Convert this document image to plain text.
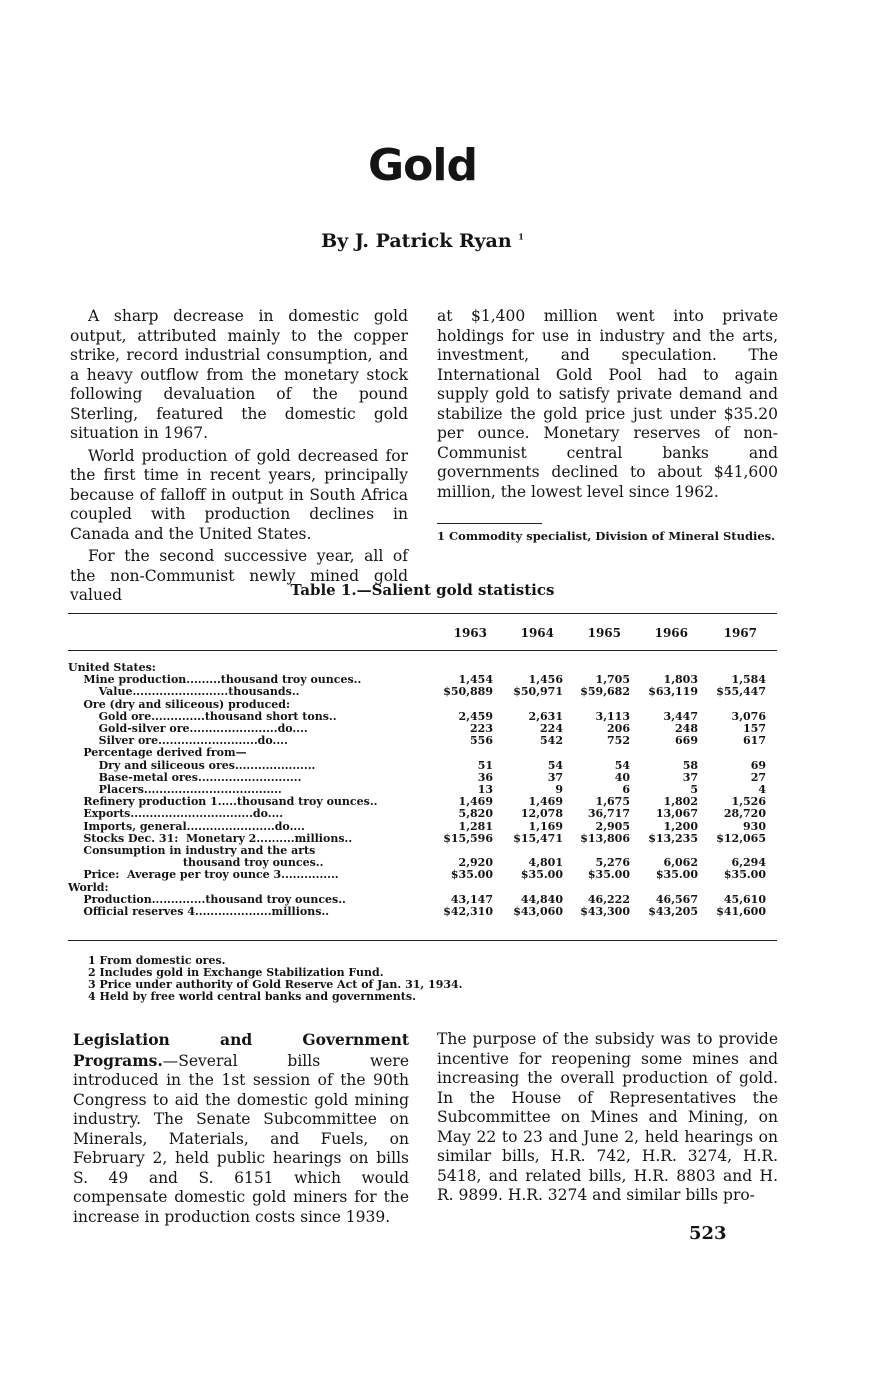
Gold
By J. Patrick Ryan $^1$

A sharp decrease in domestic gold output, attributed mainly to the copper strike, record industrial consumption, and a heavy outflow from the monetary stock following devaluation of the pound Sterling, featured the domestic gold situation in 1967.

World production of gold decreased for the first time in recent years, principally because of falloff in output in South Africa coupled with production declines in Canada and the United States.

For the second successive year, all of the non-Communist newly mined gold valued

at $1,400 million went into private holdings for use in industry and the arts, investment, and speculation. The International Gold Pool had to again supply gold to satisfy private demand and stabilize the gold price just under $35.20 per ounce. Monetary reserves of non-Communist central banks and governments declined to about $41,600 million, the lowest level since 1962.

1 Commodity specialist, Division of Mineral Studies.
Table 1.—Salient gold statistics
1963	1964	1965	1966	1967
United States:
Mine production.........thousand troy ounces..	1,454	1,456	1,705	1,803	1,584
Value.........................thousands..	$50,889	$50,971	$59,682	$63,119	$55,447
Ore (dry and siliceous) produced:
Gold ore..............thousand short tons..	2,459	2,631	3,113	3,447	3,076
Gold-silver ore.......................do....	223	224	206	248	157
Silver ore..........................do....	556	542	752	669	617
Percentage derived from—
Dry and siliceous ores.....................	51	54	54	58	69
Base-metal ores...........................	36	37	40	37	27
Placers....................................	13	9	6	5	4
Refinery production 1.....thousand troy ounces..	1,469	1,469	1,675	1,802	1,526
Exports................................do....	5,820	12,078	36,717	13,067	28,720
Imports, general.......................do....	1,281	1,169	2,905	1,200	930
Stocks Dec. 31:  Monetary 2..........millions..	$15,596	$15,471	$13,806	$13,235	$12,065
Consumption in industry and the arts
thousand troy ounces..	2,920	4,801	5,276	6,062	6,294
Price:  Average per troy ounce 3...............	$35.00	$35.00	$35.00	$35.00	$35.00
World:
Production..............thousand troy ounces..	43,147	44,840	46,222	46,567	45,610
Official reserves 4....................millions..	$42,310	$43,060	$43,300	$43,205	$41,600
1 From domestic ores.
2 Includes gold in Exchange Stabilization Fund.
3 Price under authority of Gold Reserve Act of Jan. 31, 1934.
4 Held by free world central banks and governments.
Legislation and Government Programs.—Several bills were introduced in the 1st session of the 90th Congress to aid the domestic gold mining industry. The Senate Subcommittee on Minerals, Materials, and Fuels, on February 2, held public hearings on bills S. 49 and S. 6151 which would compensate domestic gold miners for the increase in production costs since 1939.
The purpose of the subsidy was to provide incentive for reopening some mines and increasing the overall production of gold. In the House of Representatives the Subcommittee on Mines and Mining, on May 22 to 23 and June 2, held hearings on similar bills, H.R. 742, H.R. 3274, H.R. 5418, and related bills, H.R. 8803 and H. R. 9899. H.R. 3274 and similar bills pro-
523
